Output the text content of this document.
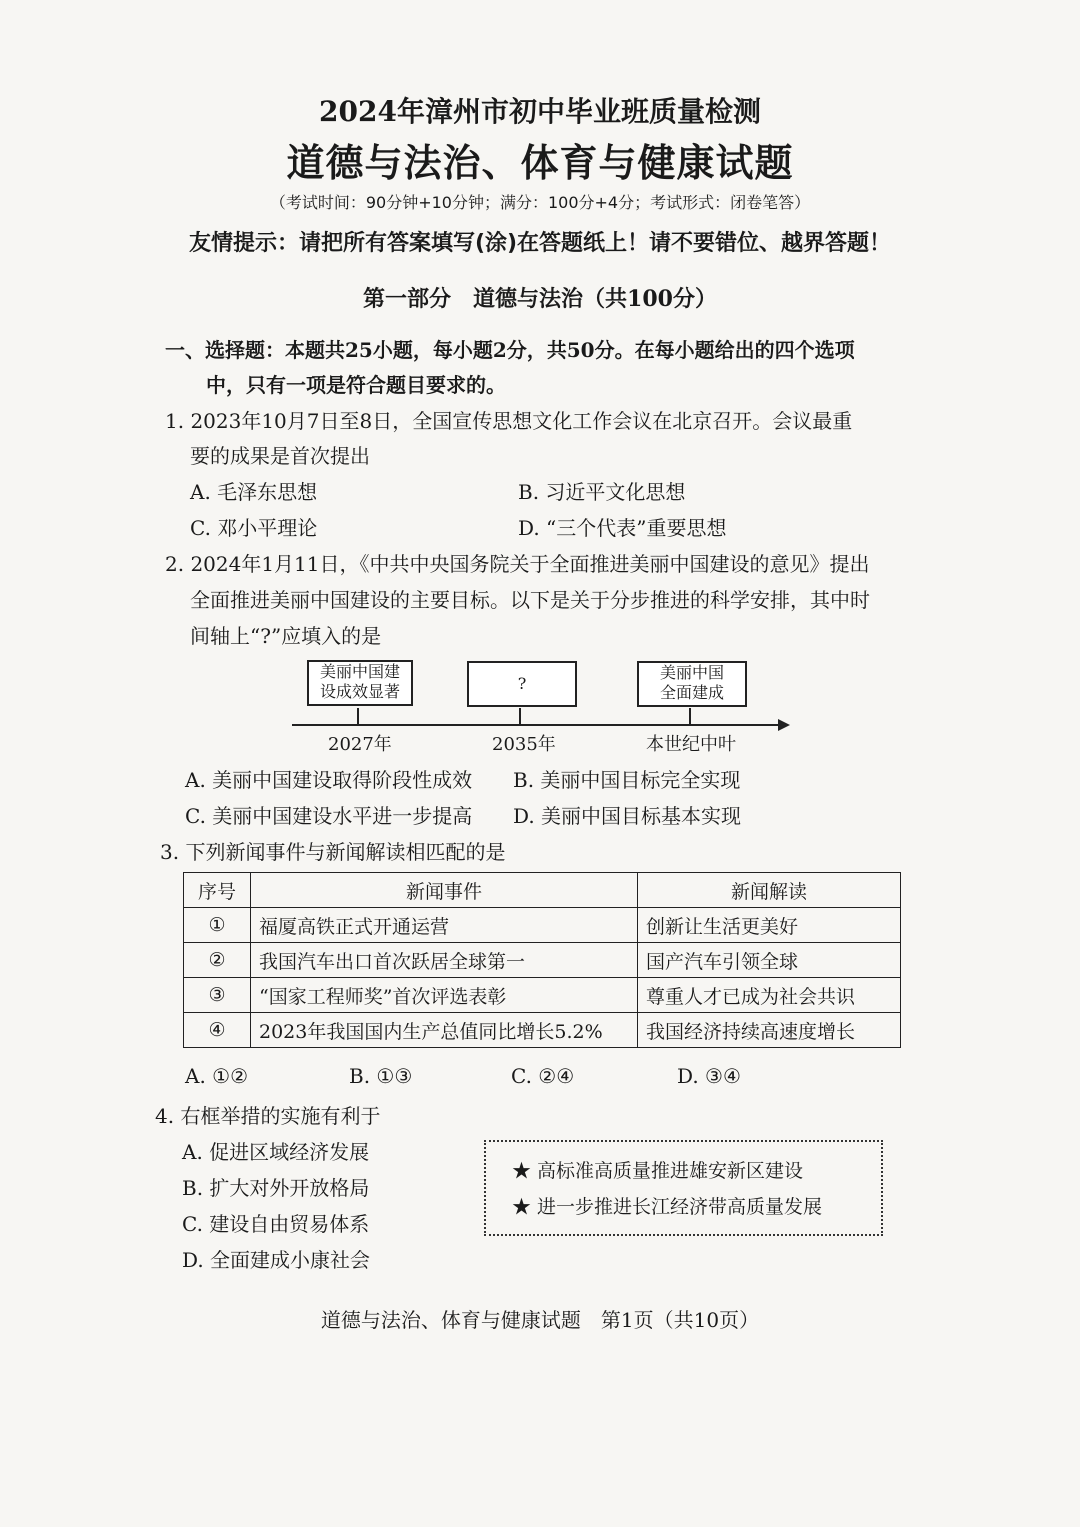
2024年漳州市初中毕业班质量检测
道德与法治、体育与健康试题
（考试时间：90分钟+10分钟；满分：100分+4分；考试形式：闭卷笔答）
友情提示：请把所有答案填写(涂)在答题纸上！请不要错位、越界答题！
第一部分　道德与法治（共100分）
一、选择题：本题共25小题，每小题2分，共50分。在每小题给出的四个选项
中，只有一项是符合题目要求的。
1. 2023年10月7日至8日，全国宣传思想文化工作会议在北京召开。会议最重
要的成果是首次提出
A. 毛泽东思想	B. 习近平文化思想
C. 邓小平理论	D. “三个代表”重要思想
2. 2024年1月11日，《中共中央国务院关于全面推进美丽中国建设的意见》提出
全面推进美丽中国建设的主要目标。以下是关于分步推进的科学安排，其中时
间轴上“?”应填入的是
美丽中国建
设成效显著	?
美丽中国
全面建成
2027年	2035年	本世纪中叶
A. 美丽中国建设取得阶段性成效 B. 美丽中国目标完全实现
C. 美丽中国建设水平进一步提高 D. 美丽中国目标基本实现
3. 下列新闻事件与新闻解读相匹配的是
序号	新闻事件	新闻解读
①	福厦高铁正式开通运营	创新让生活更美好
②	我国汽车出口首次跃居全球第一	国产汽车引领全球
③	“国家工程师奖”首次评选表彰	尊重人才已成为社会共识
④	2023年我国国内生产总值同比增长5.2%	我国经济持续高速度增长
A. ①②	B. ①③	C. ②④	D. ③④
4. 右框举措的实施有利于
A. 促进区域经济发展
B. 扩大对外开放格局
C. 建设自由贸易体系
D. 全面建成小康社会
★ 高标准高质量推进雄安新区建设
★ 进一步推进长江经济带高质量发展
道德与法治、体育与健康试题　第1页（共10页）
